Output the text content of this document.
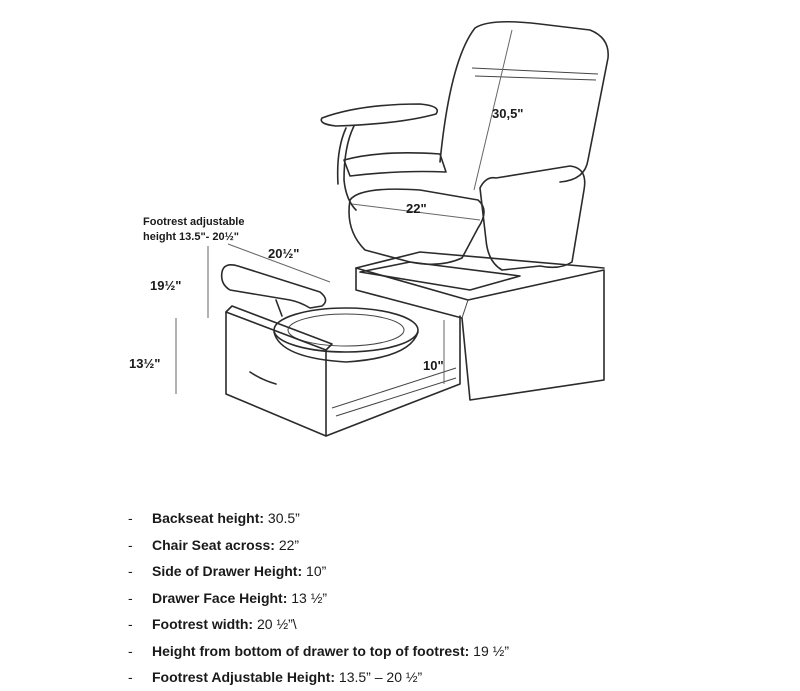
30,5"
22"
20½"
Footrest adjustable
height 13.5"- 20½"
19½"
13½"	10"
- Backseat height: 30.5”
- Chair Seat across: 22”
- Side of Drawer Height: 10”
- Drawer Face Height: 13 ½”
- Footrest width: 20 ½”\
- Height from bottom of drawer to top of footrest: 19 ½”
- Footrest Adjustable Height: 13.5” – 20 ½”
